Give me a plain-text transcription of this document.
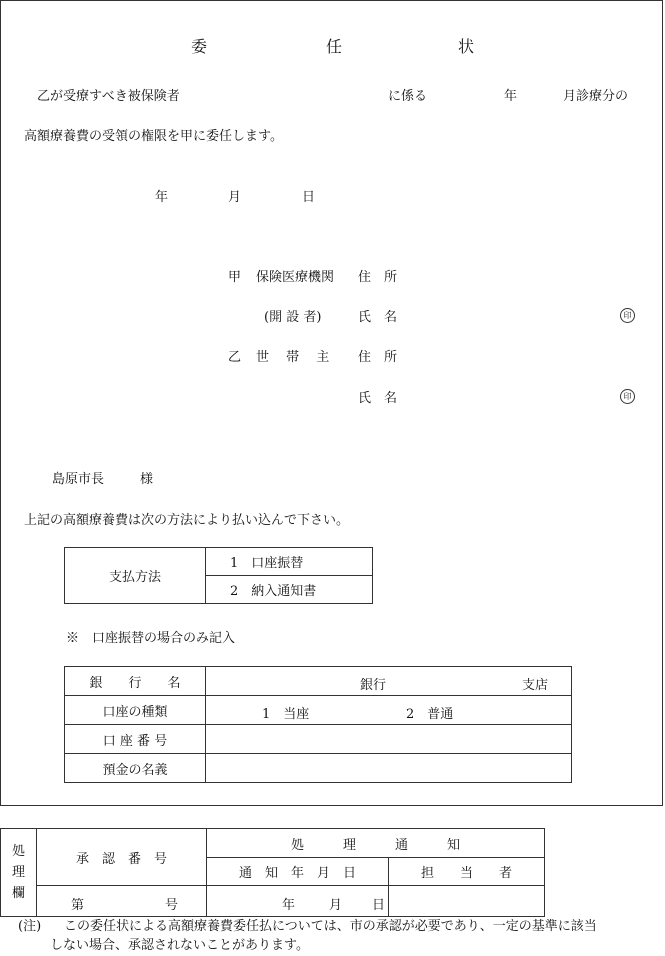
委	任	状
乙が受療すべき被保険者	に係る	年	月診療分の
高額療養費の受領の権限を甲に委任します。
年	月	日
甲 保険医療機関 住　所
(開 設 者)	氏　名	印
乙 世　 帯　 主 住　所
氏　名	印
島原市長	様
上記の高額療養費は次の方法により払い込んで下さい。
支払方法	1　口座振替
2　納入通知書
※　口座振替の場合のみ記入
銀　　行　　名	銀行 支店

口座の種類	1　当座 2　普通

口 座 番 号	
預金の名義	
処
理
欄	承　認　番　号	処　　　理　　　通　　　知	
		通　知　年　月　日	担　　当　　者

	第 号	年 月 日	

(注) この委任状による高額療養費委任払については、市の承認が必要であり、一定の基準に該当
しない場合、承認されないことがあります。
